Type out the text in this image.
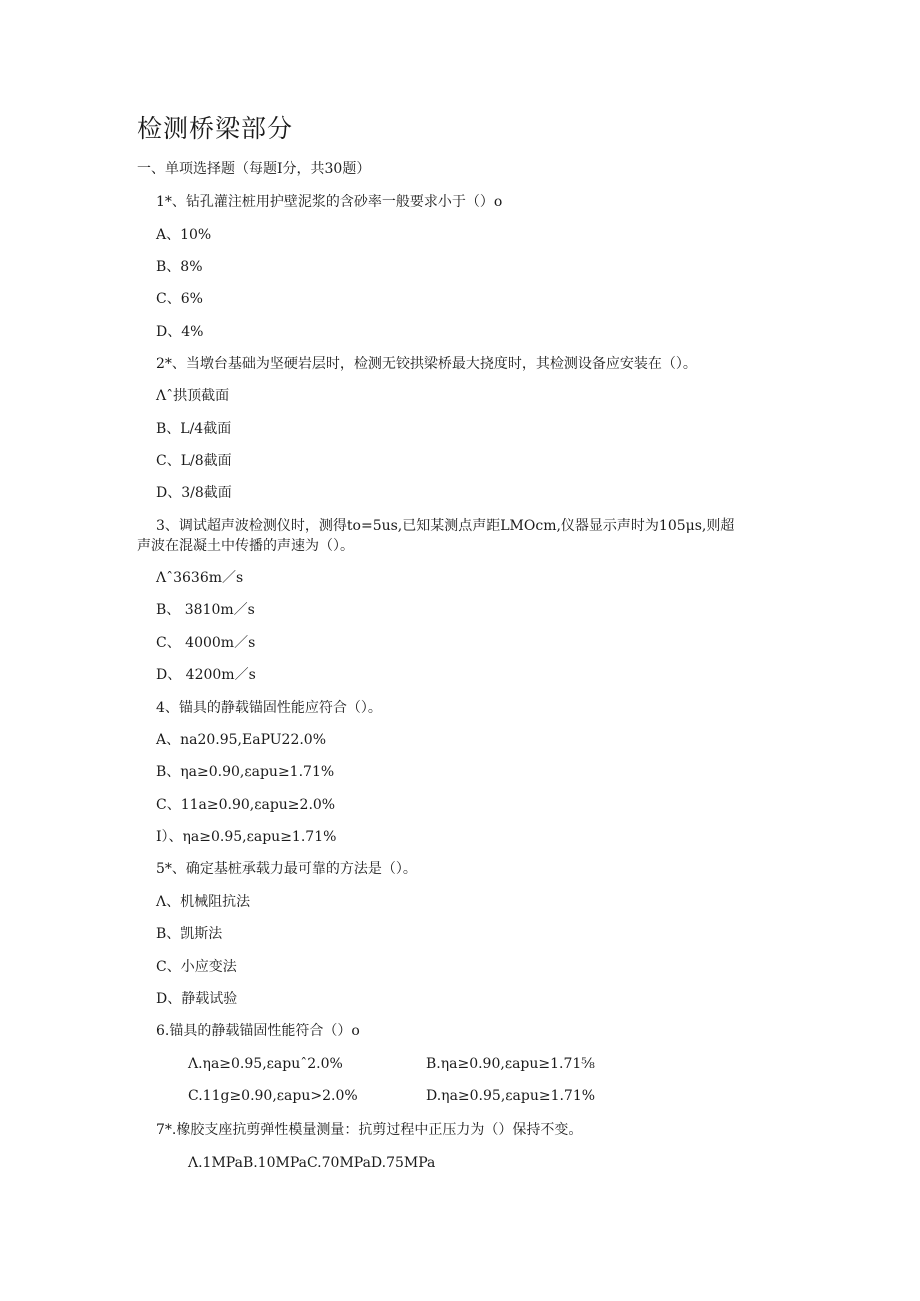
检测桥梁部分
一、单项选择题（每题I分，共30题）
1*、钻孔灌注桩用护壁泥浆的含砂率一般要求小于（）o
A、10%
B、8%
C、6%
D、4%
2*、当墩台基础为坚硬岩层时，检测无铰拱梁桥最大挠度时，其检测设备应安装在（）。
Λˆ拱顶截面
B、L/4截面
C、L/8截面
D、3/8截面
3、调试超声波检测仪时，测得to=5us,已知某测点声距LMOcm,仪器显示声时为105μs,则超
声波在混凝土中传播的声速为（）。
Λˆ3636m／s
B、 3810m／s
C、 4000m／s
D、 4200m／s
4、锚具的静载锚固性能应符合（）。
A、na20.95,EaPU22.0%
B、ηa≥0.90,εapu≥1.71%
C、11a≥0.90,εapu≥2.0%
I）、ηa≥0.95,εapu≥1.71%
5*、确定基桩承载力最可靠的方法是（）。
Λ、机械阻抗法
B、凯斯法
C、小应变法
D、静载试验
6.锚具的静载锚固性能符合（）o
Λ.ηa≥0.95,εapuˆ2.0%	B.ηa≥0.90,εapu≥1.71⅝
C.11g≥0.90,εapu>2.0%	D.ηa≥0.95,εapu≥1.71%
7*.橡胶支座抗剪弹性模量测量：抗剪过程中正压力为（）保持不变。
Λ.1MPaB.10MPaC.70MPaD.75MPa
